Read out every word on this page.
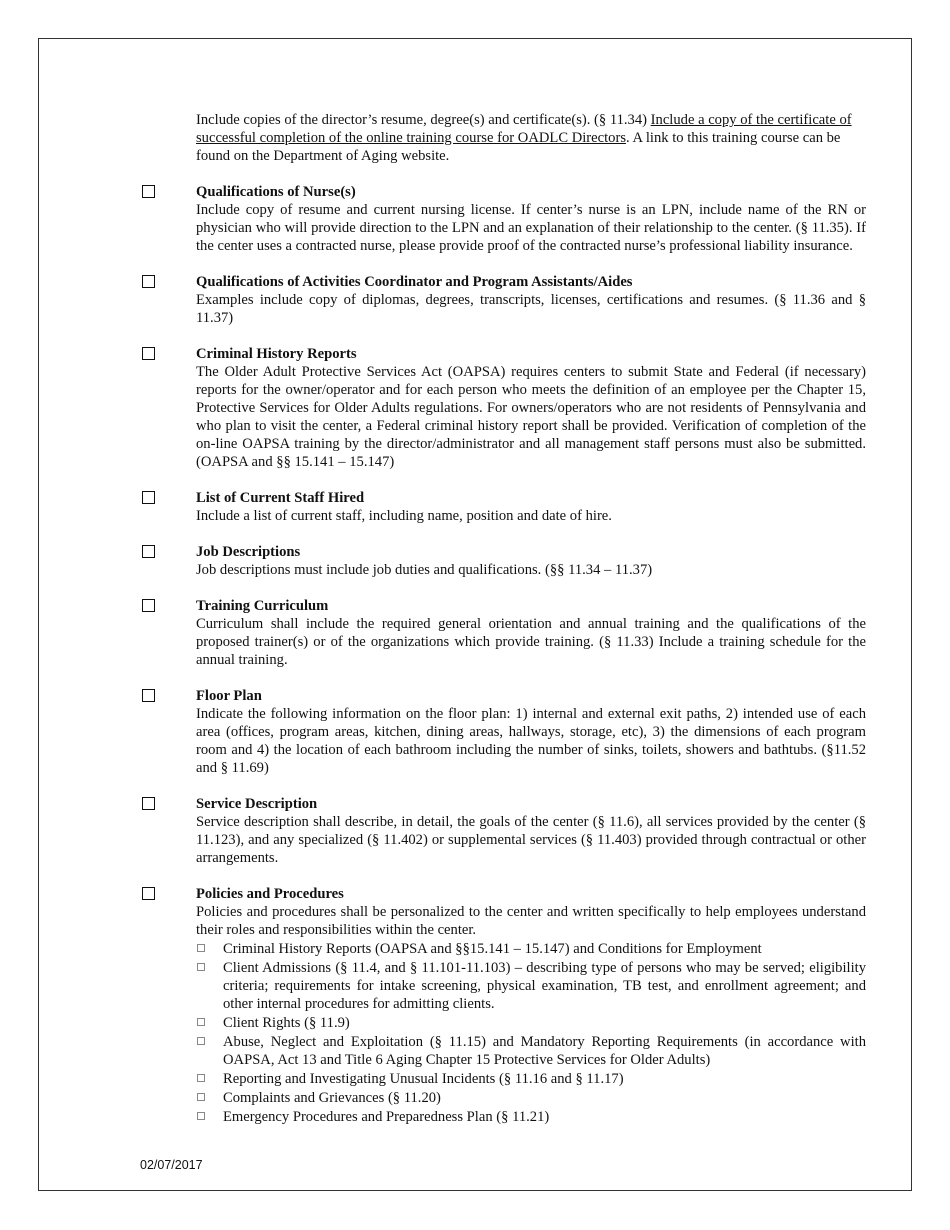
Include copies of the director’s resume, degree(s) and certificate(s). (§ 11.34) Include a copy of the certificate of successful completion of the online training course for OADLC Directors. A link to this training course can be found on the Department of Aging website.

Qualifications of Nurse(s)

Include copy of resume and current nursing license. If center’s nurse is an LPN, include name of the RN or physician who will provide direction to the LPN and an explanation of their relationship to the center. (§ 11.35). If the center uses a contracted nurse, please provide proof of the contracted nurse’s professional liability insurance.

Qualifications of Activities Coordinator and Program Assistants/Aides

Examples include copy of diplomas, degrees, transcripts, licenses, certifications and resumes. (§ 11.36 and § 11.37)

Criminal History Reports

The Older Adult Protective Services Act (OAPSA) requires centers to submit State and Federal (if necessary) reports for the owner/operator and for each person who meets the definition of an employee per the Chapter 15, Protective Services for Older Adults regulations. For owners/operators who are not residents of Pennsylvania and who plan to visit the center, a Federal criminal history report shall be provided. Verification of completion of the on-line OAPSA training by the director/administrator and all management staff persons must also be submitted. (OAPSA and §§ 15.141 – 15.147)

List of Current Staff Hired

Include a list of current staff, including name, position and date of hire.

Job Descriptions

Job descriptions must include job duties and qualifications. (§§ 11.34 – 11.37)

Training Curriculum

Curriculum shall include the required general orientation and annual training and the qualifications of the proposed trainer(s) or of the organizations which provide training. (§ 11.33) Include a training schedule for the annual training.

Floor Plan

Indicate the following information on the floor plan: 1) internal and external exit paths, 2) intended use of each area (offices, program areas, kitchen, dining areas, hallways, storage, etc), 3) the dimensions of each program room and 4) the location of each bathroom including the number of sinks, toilets, showers and bathtubs. (§11.52 and § 11.69)

Service Description

Service description shall describe, in detail, the goals of the center (§ 11.6), all services provided by the center (§ 11.123), and any specialized (§ 11.402) or supplemental services (§ 11.403) provided through contractual or other arrangements.

Policies and Procedures

Policies and procedures shall be personalized to the center and written specifically to help employees understand their roles and responsibilities within the center.

Criminal History Reports (OAPSA and §§15.141 – 15.147) and Conditions for Employment
Client Admissions (§ 11.4, and § 11.101-11.103) – describing type of persons who may be served; eligibility criteria; requirements for intake screening, physical examination, TB test, and enrollment agreement; and other internal procedures for admitting clients.
Client Rights (§ 11.9)
Abuse, Neglect and Exploitation (§ 11.15) and Mandatory Reporting Requirements (in accordance with OAPSA, Act 13 and Title 6 Aging Chapter 15 Protective Services for Older Adults)
Reporting and Investigating Unusual Incidents (§ 11.16 and § 11.17)
Complaints and Grievances (§ 11.20)
Emergency Procedures and Preparedness Plan (§ 11.21)
02/07/2017
